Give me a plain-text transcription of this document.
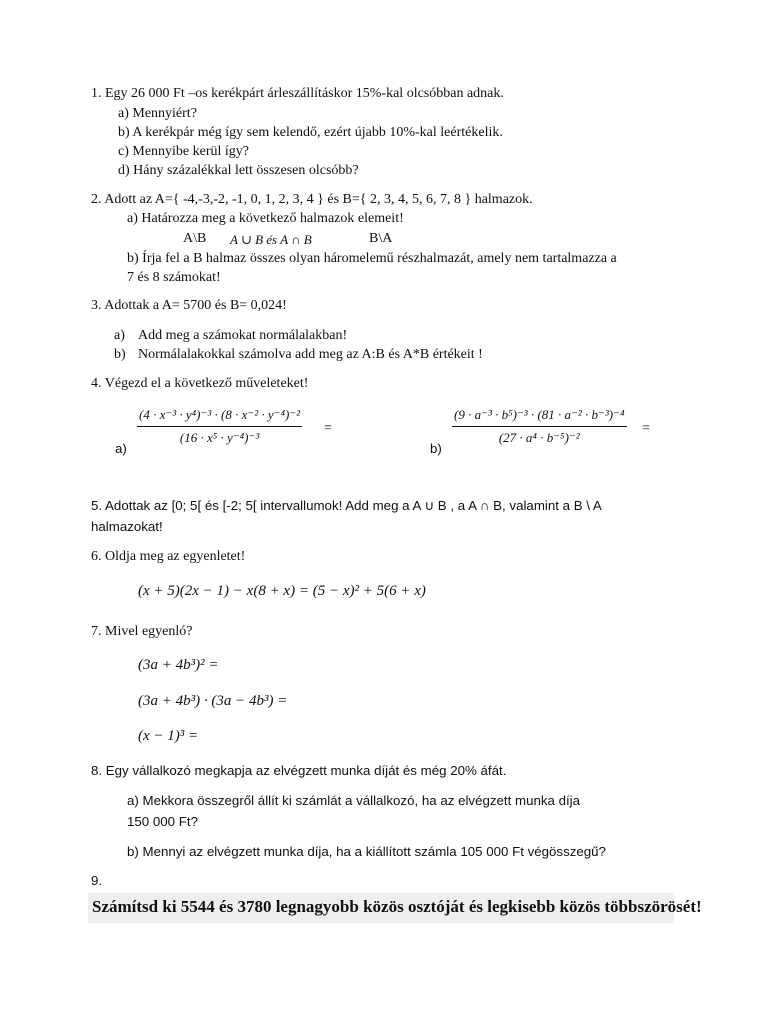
1. Egy 26 000 Ft –os kerékpárt árleszállításkor 15%-kal olcsóbban adnak.

a) Mennyiért?

b) A kerékpár még így sem kelendő, ezért újabb 10%-kal leértékelik.

c) Mennyibe kerül így?

d) Hány százalékkal lett összesen olcsóbb?

2. Adott az A={ -4,-3,-2, -1, 0, 1, 2, 3, 4 } és B={ 2, 3, 4, 5, 6, 7, 8 } halmazok.

a) Határozza meg a következő halmazok elemeit!

A\B A ∪ B és A ∩ B	B\A

b) Írja fel a B halmaz összes olyan háromelemű részhalmazát, amely nem tartalmazza a

7 és 8 számokat!

3. Adottak a A= 5700 és B= 0,024!

a) Add meg a számokat normálalakban!

b) Normálalakokkal számolva add meg az A:B és A*B értékeit !

4. Végezd el a következő műveleteket!

$\frac{\text{(4 · x⁻³ · y⁴)⁻³ · (8 · x⁻² · y⁻⁴)⁻²}}{\text{(16 · x⁵ · y⁻⁴)⁻³}}$ =

a)

$\frac{\text{(9 · a⁻³ · b⁵)⁻³ · (81 · a⁻² · b⁻³)⁻⁴}}{\text{(27 · a⁴ · b⁻⁵)⁻²}}$ =

b)

5. Adottak az [0; 5[ és [-2; 5[ intervallumok! Add meg a A ∪ B , a A ∩ B, valamint a B \ A

halmazokat!

6. Oldja meg az egyenletet!

(x + 5)(2x − 1) − x(8 + x) = (5 − x)² + 5(6 + x)

7. Mivel egyenló?

(3a + 4b³)² =

(3a + 4b³) · (3a − 4b³) =

(x − 1)³ =

8. Egy vállalkozó megkapja az elvégzett munka díját és még 20% áfát.

a) Mekkora összegről állít ki számlát a vállalkozó, ha az elvégzett munka díja

150 000 Ft?

b) Mennyi az elvégzett munka díja, ha a kiállított számla 105 000 Ft végösszegű?

9.

Számítsd ki 5544 és 3780 legnagyobb közös osztóját és legkisebb közös többszörösét!
